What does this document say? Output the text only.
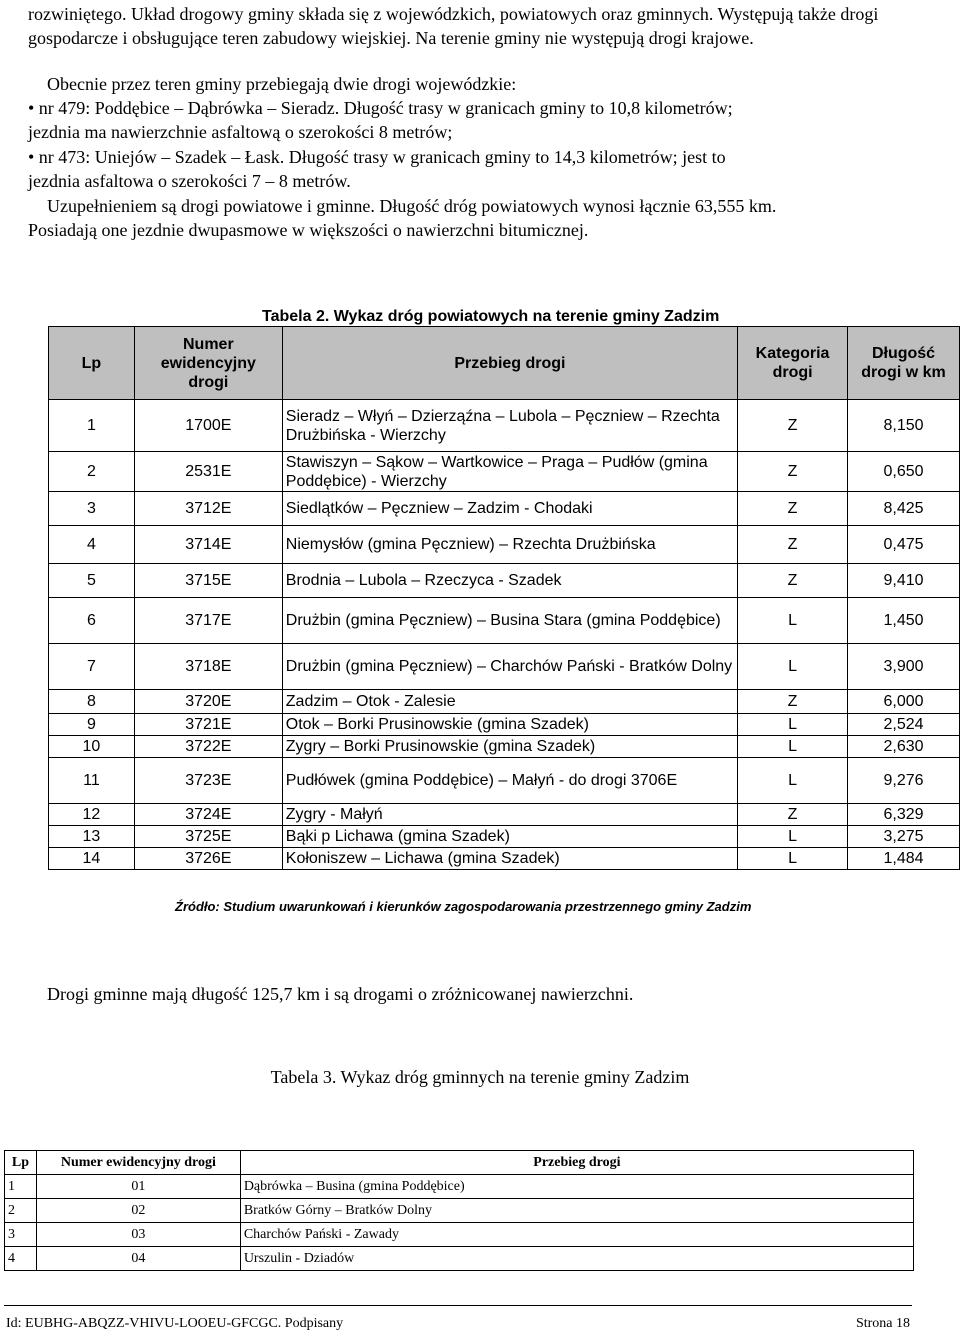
rozwiniętego. Układ drogowy gminy składa się z wojewódzkich, powiatowych oraz gminnych. Występują także drogi gospodarcze i obsługujące teren zabudowy wiejskiej. Na terenie gminy nie występują drogi krajowe.
Obecnie przez teren gminy przebiegają dwie drogi wojewódzkie:
• nr 479: Poddębice – Dąbrówka – Sieradz. Długość trasy w granicach gminy to 10,8 kilometrów;
jezdnia ma nawierzchnie asfaltową o szerokości 8 metrów;
• nr 473: Uniejów – Szadek – Łask. Długość trasy w granicach gminy to 14,3 kilometrów; jest to
jezdnia asfaltowa o szerokości 7 – 8 metrów.
Uzupełnieniem są drogi powiatowe i gminne. Długość dróg powiatowych wynosi łącznie 63,555 km.
Posiadają one jezdnie dwupasmowe w większości o nawierzchni bitumicznej.
Tabela 2. Wykaz dróg powiatowych na terenie gminy Zadzim
Lp	Numer ewidencyjny drogi	Przebieg drogi	Kategoria drogi	Długość drogi w km
1	1700E	Sieradz – Włyń – Dzierząźna – Lubola – Pęczniew – Rzechta Drużbińska - Wierzchy	Z	8,150
2	2531E	Stawiszyn – Sąkow – Wartkowice – Praga – Pudłów (gmina Poddębice) - Wierzchy	Z	0,650
3	3712E	Siedlątków – Pęczniew – Zadzim - Chodaki	Z	8,425
4	3714E	Niemysłów (gmina Pęczniew) – Rzechta Drużbińska	Z	0,475
5	3715E	Brodnia – Lubola – Rzeczyca - Szadek	Z	9,410
6	3717E	Drużbin (gmina Pęczniew) – Busina Stara (gmina Poddębice)	L	1,450
7	3718E	Drużbin (gmina Pęczniew) – Charchów Pański - Bratków Dolny	L	3,900
8	3720E	Zadzim – Otok - Zalesie	Z	6,000
9	3721E	Otok – Borki Prusinowskie (gmina Szadek)	L	2,524
10	3722E	Zygry – Borki Prusinowskie (gmina Szadek)	L	2,630
11	3723E	Pudłówek (gmina Poddębice) – Małyń - do drogi 3706E	L	9,276
12	3724E	Zygry - Małyń	Z	6,329
13	3725E	Bąki p Lichawa (gmina Szadek)	L	3,275
14	3726E	Kołoniszew – Lichawa (gmina Szadek)	L	1,484
Źródło: Studium uwarunkowań i kierunków zagospodarowania przestrzennego gminy Zadzim
Drogi gminne mają długość 125,7 km i są drogami o zróżnicowanej nawierzchni.
Tabela 3. Wykaz dróg gminnych na terenie gminy Zadzim
Lp	Numer ewidencyjny drogi	Przebieg drogi
1	01	Dąbrówka – Busina (gmina Poddębice)
2	02	Bratków Górny – Bratków Dolny
3	03	Charchów Pański - Zawady
4	04	Urszulin - Dziadów
Id: EUBHG-ABQZZ-VHIVU-LOOEU-GFCGC. Podpisany	Strona 18
